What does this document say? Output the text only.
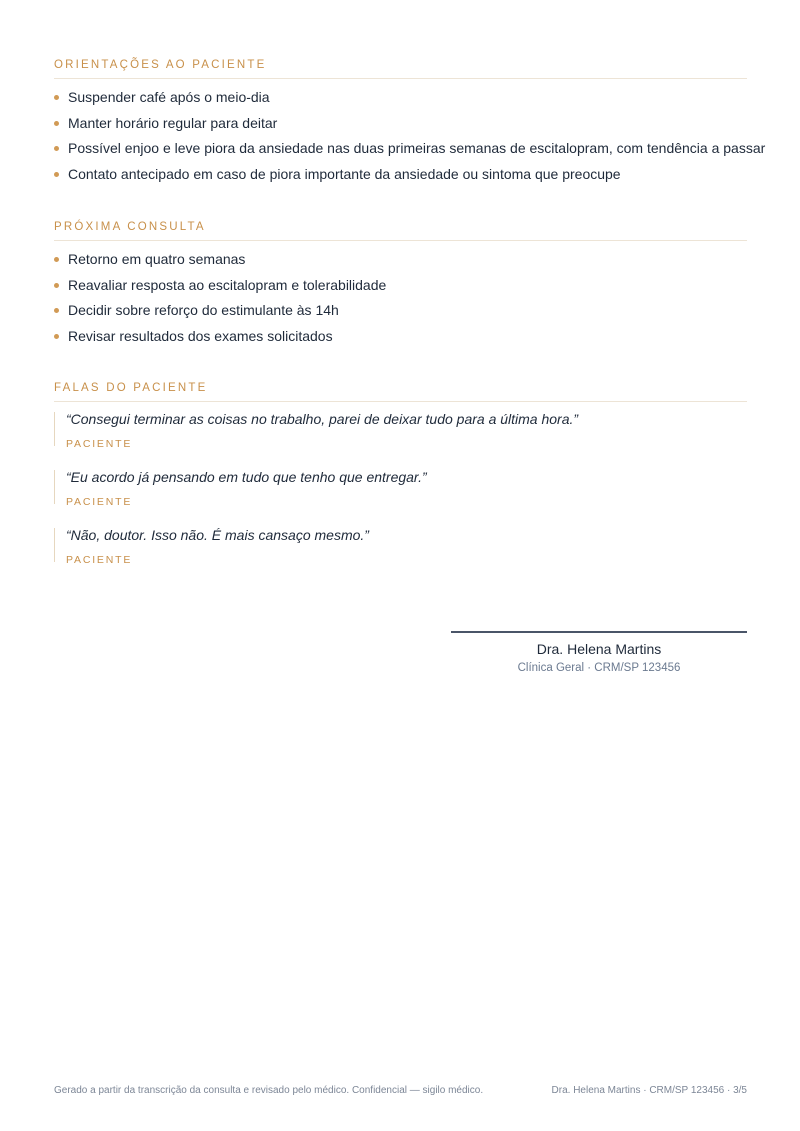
ORIENTAÇÕES AO PACIENTE
Suspender café após o meio-dia
Manter horário regular para deitar
Possível enjoo e leve piora da ansiedade nas duas primeiras semanas de escitalopram, com tendência a passar
Contato antecipado em caso de piora importante da ansiedade ou sintoma que preocupe
PRÓXIMA CONSULTA
Retorno em quatro semanas
Reavaliar resposta ao escitalopram e tolerabilidade
Decidir sobre reforço do estimulante às 14h
Revisar resultados dos exames solicitados
FALAS DO PACIENTE
“Consegui terminar as coisas no trabalho, parei de deixar tudo para a última hora.”
PACIENTE
“Eu acordo já pensando em tudo que tenho que entregar.”
PACIENTE
“Não, doutor. Isso não. É mais cansaço mesmo.”
PACIENTE
Dra. Helena Martins
Clínica Geral · CRM/SP 123456
Gerado a partir da transcrição da consulta e revisado pelo médico. Confidencial — sigilo médico.	Dra. Helena Martins · CRM/SP 123456 · 3/5
